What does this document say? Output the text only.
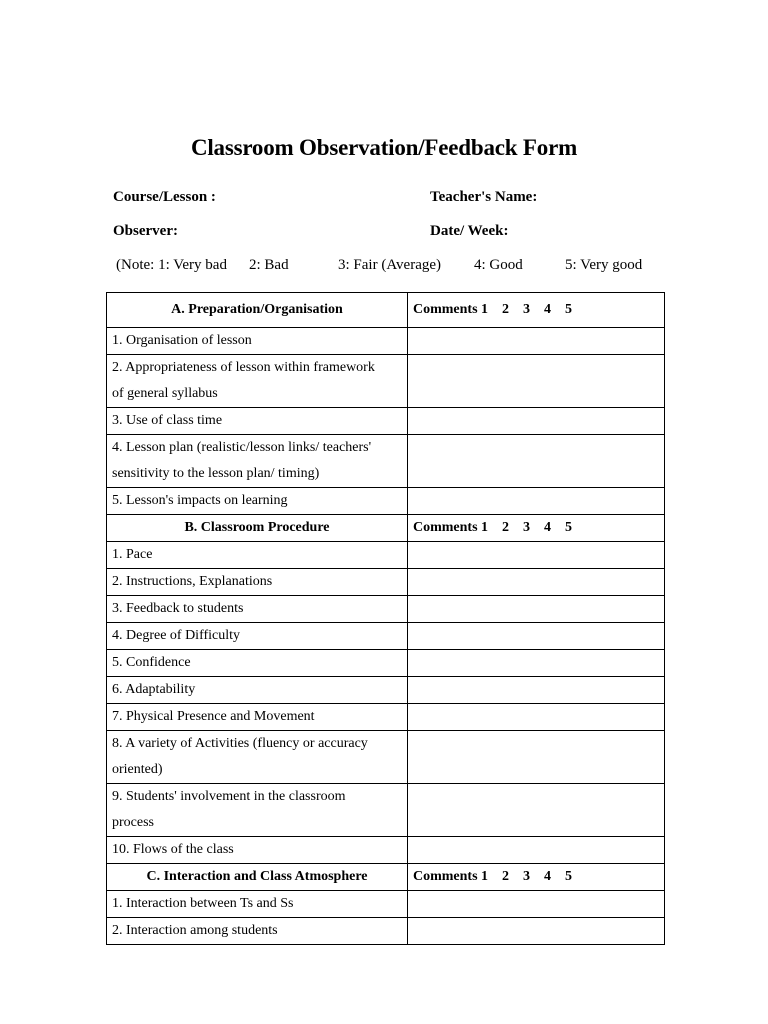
Classroom Observation/Feedback Form
Course/Lesson :	Teacher's Name:
Observer:	Date/ Week:
(Note: 1: Very bad 2: Bad	3: Fair (Average) 4: Good	5: Very good
A. Preparation/Organisation	Comments 1    2    3    4    5

1. Organisation of lesson	

2. Appropriateness of lesson within framework
of general syllabus	

3. Use of class time	

4. Lesson plan (realistic/lesson links/ teachers'
sensitivity to the lesson plan/ timing)	

5. Lesson's impacts on learning	

B. Classroom Procedure	Comments 1    2    3    4    5

1. Pace	

2. Instructions, Explanations	

3. Feedback to students	

4. Degree of Difficulty	

5. Confidence	

6. Adaptability	

7. Physical Presence and Movement	

8. A variety of Activities (fluency or accuracy
oriented)	

9. Students' involvement in the classroom
process	

10. Flows of the class	

C. Interaction and Class Atmosphere	Comments 1    2    3    4    5

1. Interaction between Ts and Ss	

2. Interaction among students	
